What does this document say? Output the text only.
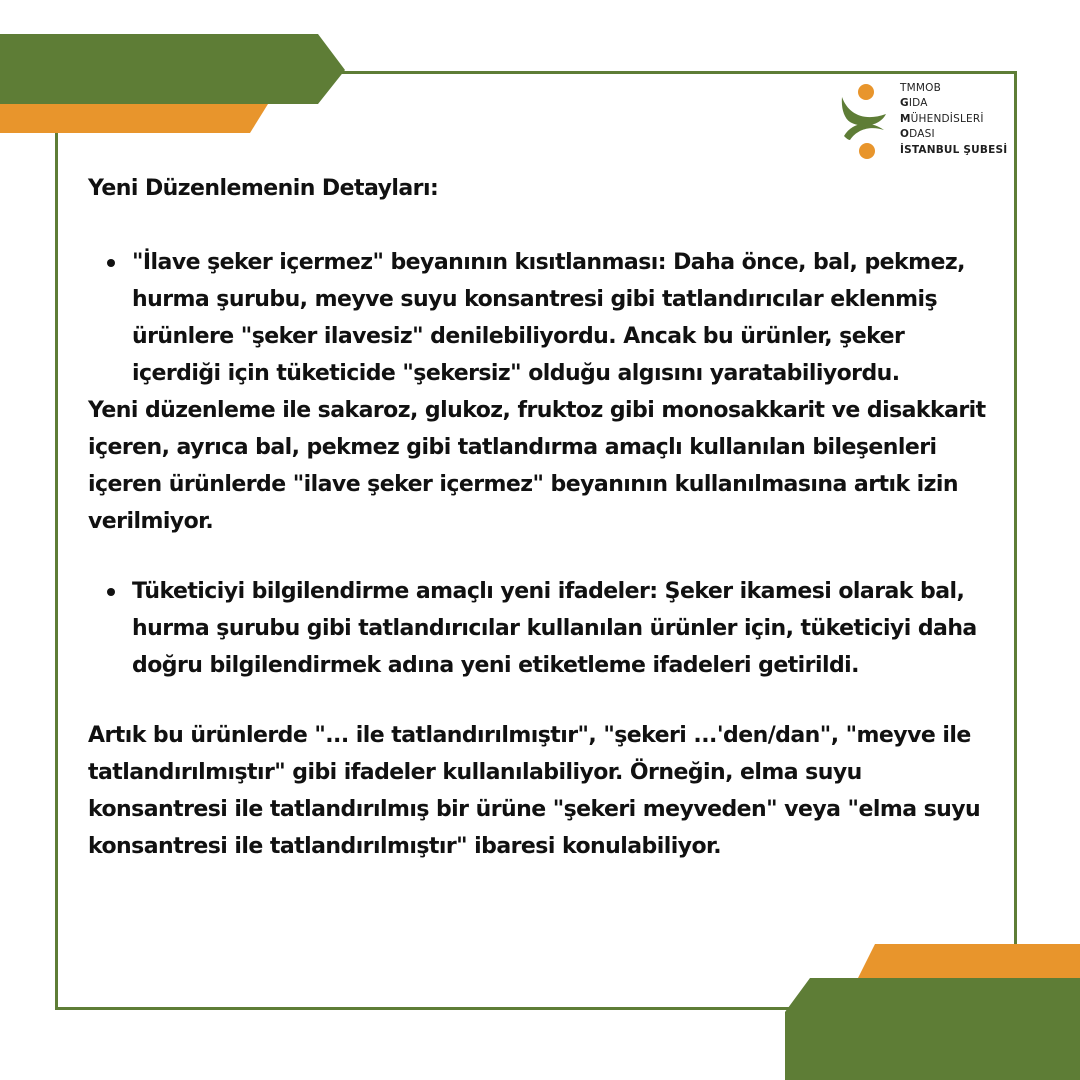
TMMOB
GIDA
MÜHENDİSLERİ
ODASI
İSTANBUL ŞUBESİ

Yeni Düzenlemenin Detayları:

"İlave şeker içermez" beyanının kısıtlanması: Daha önce, bal, pekmez, hurma şurubu, meyve suyu konsantresi gibi tatlandırıcılar eklenmiş ürünlere "şeker ilavesiz" denilebiliyordu. Ancak bu ürünler, şeker içerdiği için tüketicide "şekersiz" olduğu algısını yaratabiliyordu.

Yeni düzenleme ile sakaroz, glukoz, fruktoz gibi monosakkarit ve disakkarit içeren, ayrıca bal, pekmez gibi tatlandırma amaçlı kullanılan bileşenleri içeren ürünlerde "ilave şeker içermez" beyanının kullanılmasına artık izin verilmiyor.

Tüketiciyi bilgilendirme amaçlı yeni ifadeler: Şeker ikamesi olarak bal, hurma şurubu gibi tatlandırıcılar kullanılan ürünler için, tüketiciyi daha doğru bilgilendirmek adına yeni etiketleme ifadeleri getirildi.

Artık bu ürünlerde "... ile tatlandırılmıştır", "şekeri ...'den/dan", "meyve ile tatlandırılmıştır" gibi ifadeler kullanılabiliyor. Örneğin, elma suyu konsantresi ile tatlandırılmış bir ürüne "şekeri meyveden" veya "elma suyu konsantresi ile tatlandırılmıştır" ibaresi konulabiliyor.
